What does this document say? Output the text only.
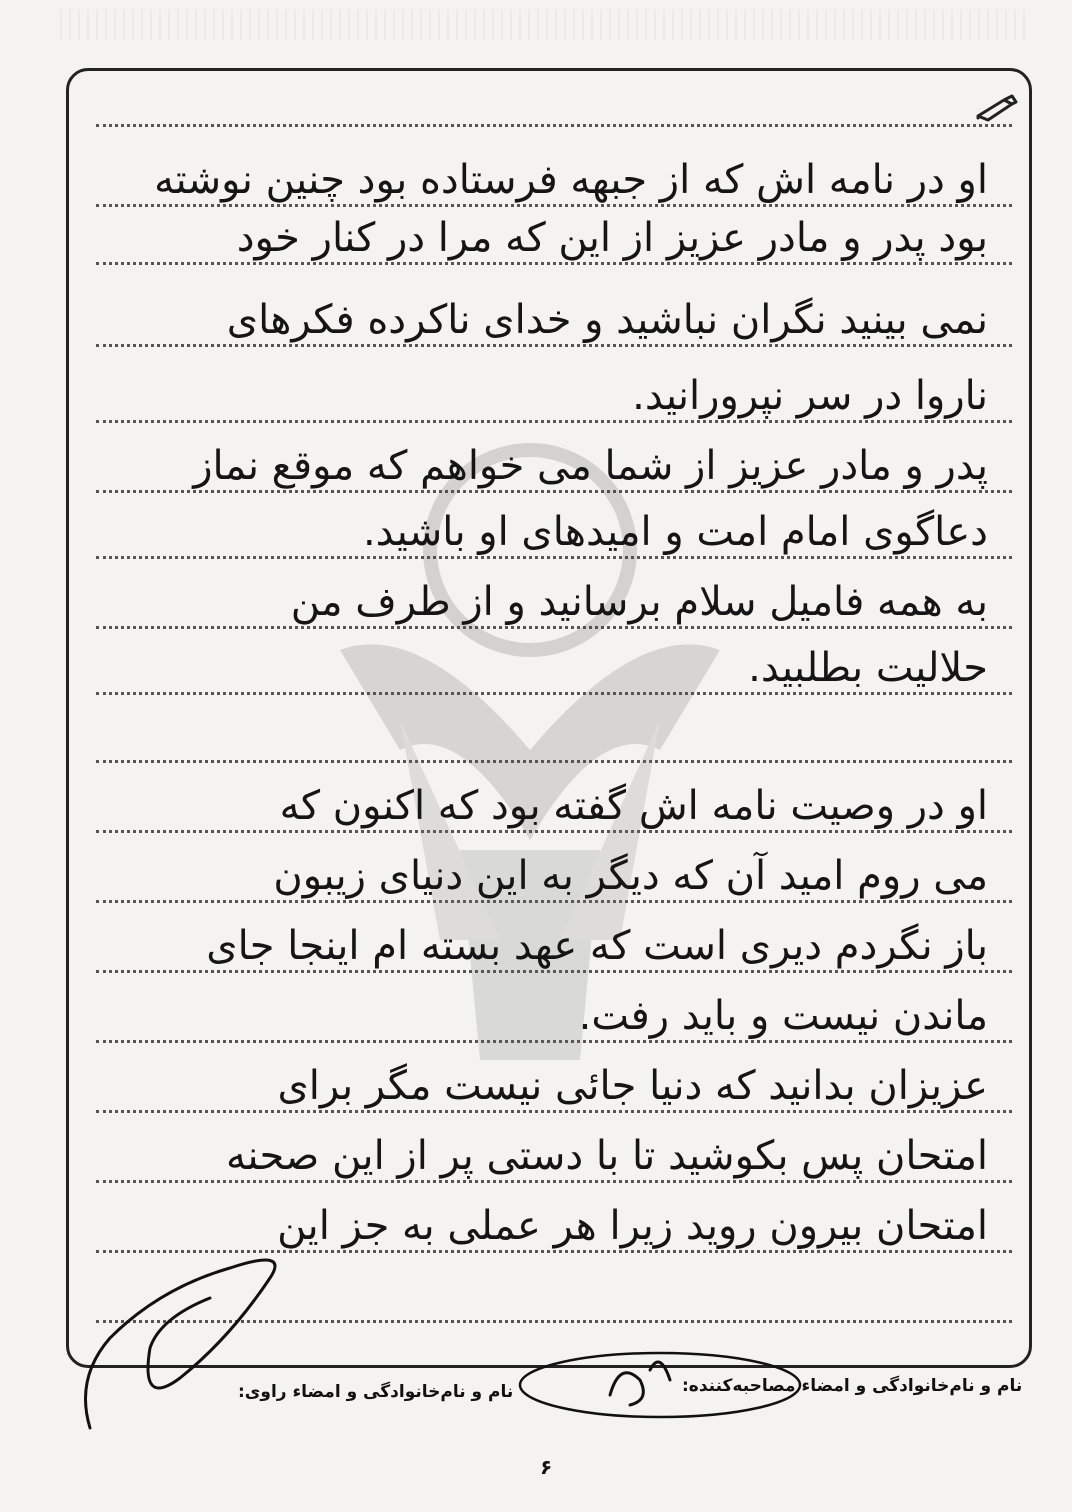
او در نامه ‌اش که از جبهه فرستاده بود چنین نوشته
بود پدر و مادر عزیز از این که مرا در کنار خود
نمی ‌بینید نگران نباشید و خدای ناکرده فکرهای
ناروا در سر نپرورانید.
پدر و مادر عزیز از شما می‌ خواهم که موقع نماز
دعاگوی امام امت و امیدهای او باشید.
به همه فامیل سلام برسانید و از طرف من
حلالیت بطلبید.
او در وصیت نامه ‌اش گفته بود که اکنون که
می‌ روم امید آن که دیگر به این دنیای زیبون
باز نگردم دیری است که عهد بسته ام اینجا جای
ماندن نیست و باید رفت.
عزیزان بدانید که دنیا جائی نیست مگر برای
امتحان پس بکوشید تا با دستی پر از این صحنه
امتحان بیرون روید زیرا هر عملی به جز این
نام و نام‌خانوادگی و امضاء مصاحبه‌کننده:
نام و نام‌خانوادگی و امضاء راوی:
۶
